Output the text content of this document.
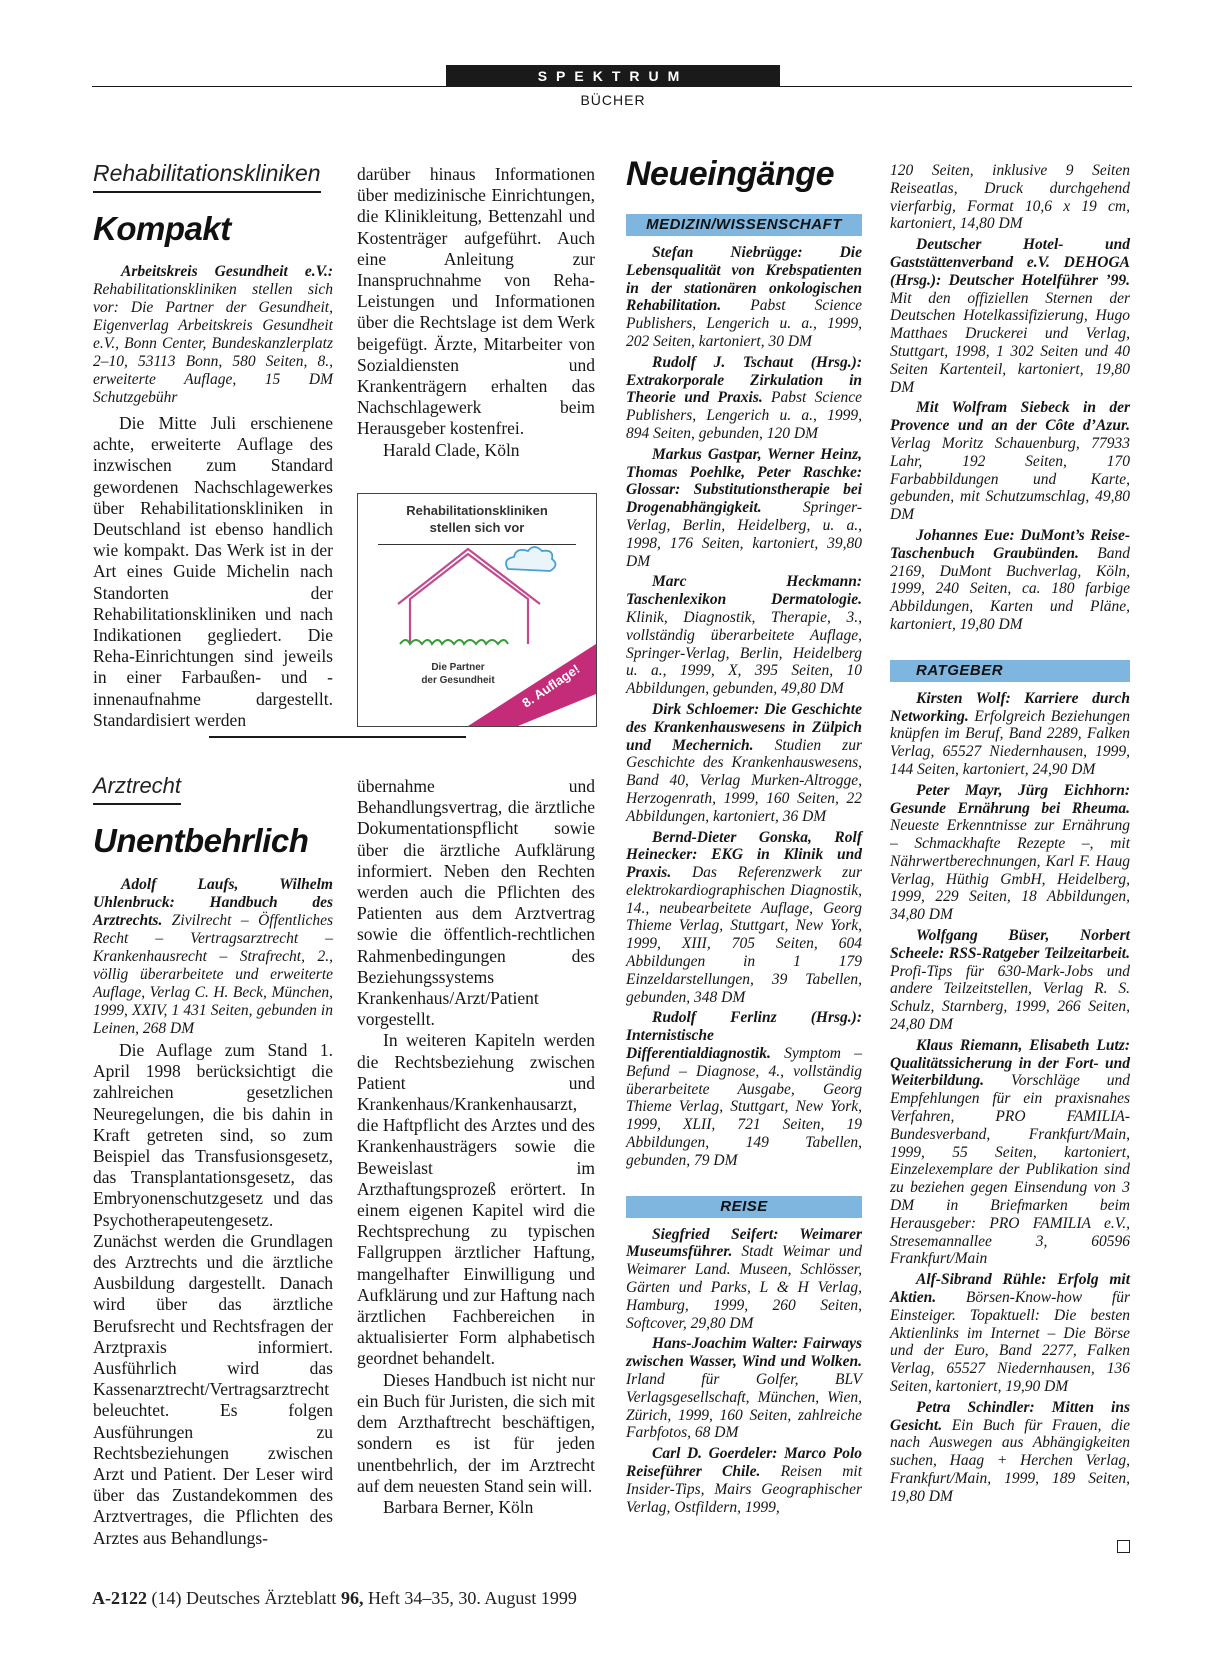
SPEKTRUM
BÜCHER
Rehabilitationskliniken
Kompakt

Arbeitskreis Gesundheit e.V.: Rehabilitationskliniken stellen sich vor: Die Partner der Gesundheit, Eigenverlag Arbeitskreis Gesundheit e.V., Bonn Center, Bundeskanzlerplatz 2–10, 53113 Bonn, 580 Seiten, 8., erweiterte Auflage, 15 DM Schutzgebühr

Die Mitte Juli erschienene achte, erweiterte Auflage des inzwischen zum Standard gewordenen Nachschlagewerkes über Rehabilitationskliniken in Deutschland ist ebenso handlich wie kompakt. Das Werk ist in der Art eines Guide Michelin nach Standorten der Rehabilitationskliniken und nach Indikationen gegliedert. Die Reha-Einrichtungen sind jeweils in einer Farbaußen- und -innenaufnahme dargestellt. Standardisiert werden

darüber hinaus Informationen über medizinische Einrichtungen, die Klinikleitung, Bettenzahl und Kostenträger aufgeführt. Auch eine Anleitung zur Inanspruchnahme von Reha-Leistungen und Informationen über die Rechtslage ist dem Werk beigefügt. Ärzte, Mitarbeiter von Sozialdiensten und Krankenträgern erhalten das Nachschlagewerk beim Herausgeber kostenfrei.

Harald Clade, Köln

Rehabilitationskliniken
stellen sich vor
8. Auflage!
Die Partner
der Gesundheit
Arztrecht
Unentbehrlich

Adolf Laufs, Wilhelm Uhlenbruck: Handbuch des Arztrechts. Zivilrecht – Öffentliches Recht – Vertragsarztrecht – Krankenhausrecht – Strafrecht, 2., völlig überarbeitete und erweiterte Auflage, Verlag C. H. Beck, München, 1999, XXIV, 1 431 Seiten, gebunden in Leinen, 268 DM

Die Auflage zum Stand 1. April 1998 berücksichtigt die zahlreichen gesetzlichen Neuregelungen, die bis dahin in Kraft getreten sind, so zum Beispiel das Transfusionsgesetz, das Transplantationsgesetz, das Embryonenschutzgesetz und das Psychotherapeutengesetz. Zunächst werden die Grundlagen des Arztrechts und die ärztliche Ausbildung dargestellt. Danach wird über das ärztliche Berufsrecht und Rechtsfragen der Arztpraxis informiert. Ausführlich wird das Kassenarztrecht/Vertragsarztrecht beleuchtet. Es folgen Ausführungen zu Rechtsbeziehungen zwischen Arzt und Patient. Der Leser wird über das Zustandekommen des Arztvertrages, die Pflichten des Arztes aus Behandlungs-

übernahme und Behandlungsvertrag, die ärztliche Dokumentationspflicht sowie über die ärztliche Aufklärung informiert. Neben den Rechten werden auch die Pflichten des Patienten aus dem Arztvertrag sowie die öffentlich-rechtlichen Rahmenbedingungen des Beziehungssystems Krankenhaus/Arzt/Patient vorgestellt.

In weiteren Kapiteln werden die Rechtsbeziehung zwischen Patient und Krankenhaus/Krankenhausarzt, die Haftpflicht des Arztes und des Krankenhausträgers sowie die Beweislast im Arzthaftungsprozeß erörtert. In einem eigenen Kapitel wird die Rechtsprechung zu typischen Fallgruppen ärztlicher Haftung, mangelhafter Einwilligung und Aufklärung und zur Haftung nach ärztlichen Fachbereichen in aktualisierter Form alphabetisch geordnet behandelt.

Dieses Handbuch ist nicht nur ein Buch für Juristen, die sich mit dem Arzthaftrecht beschäftigen, sondern es ist für jeden unentbehrlich, der im Arztrecht auf dem neuesten Stand sein will.

Barbara Berner, Köln

Neueingänge
MEDIZIN/WISSENSCHAFT

Stefan Niebrügge: Die Lebensqualität von Krebspatienten in der stationären onkologischen Rehabilitation. Pabst Science Publishers, Lengerich u. a., 1999, 202 Seiten, kartoniert, 30 DM

Rudolf J. Tschaut (Hrsg.): Extrakorporale Zirkulation in Theorie und Praxis. Pabst Science Publishers, Lengerich u. a., 1999, 894 Seiten, gebunden, 120 DM

Markus Gastpar, Werner Heinz, Thomas Poehlke, Peter Raschke: Glossar: Substitutionstherapie bei Drogenabhängigkeit. Springer-Verlag, Berlin, Heidelberg, u. a., 1998, 176 Seiten, kartoniert, 39,80 DM

Marc Heckmann: Taschenlexikon Dermatologie. Klinik, Diagnostik, Therapie, 3., vollständig überarbeitete Auflage, Springer-Verlag, Berlin, Heidelberg u. a., 1999, X, 395 Seiten, 10 Abbildungen, gebunden, 49,80 DM

Dirk Schloemer: Die Geschichte des Krankenhauswesens in Zülpich und Mechernich. Studien zur Geschichte des Krankenhauswesens, Band 40, Verlag Murken-Altrogge, Herzogenrath, 1999, 160 Seiten, 22 Abbildungen, kartoniert, 36 DM

Bernd-Dieter Gonska, Rolf Heinecker: EKG in Klinik und Praxis. Das Referenzwerk zur elektrokardiographischen Diagnostik, 14., neubearbeitete Auflage, Georg Thieme Verlag, Stuttgart, New York, 1999, XIII, 705 Seiten, 604 Abbildungen in 1 179 Einzeldarstellungen, 39 Tabellen, gebunden, 348 DM

Rudolf Ferlinz (Hrsg.): Internistische Differentialdiagnostik. Symptom – Befund – Diagnose, 4., vollständig überarbeitete Ausgabe, Georg Thieme Verlag, Stuttgart, New York, 1999, XLII, 721 Seiten, 19 Abbildungen, 149 Tabellen, gebunden, 79 DM

REISE

Siegfried Seifert: Weimarer Museumsführer. Stadt Weimar und Weimarer Land. Museen, Schlösser, Gärten und Parks, L & H Verlag, Hamburg, 1999, 260 Seiten, Softcover, 29,80 DM

Hans-Joachim Walter: Fairways zwischen Wasser, Wind und Wolken. Irland für Golfer, BLV Verlagsgesellschaft, München, Wien, Zürich, 1999, 160 Seiten, zahlreiche Farbfotos, 68 DM

Carl D. Goerdeler: Marco Polo Reiseführer Chile. Reisen mit Insider-Tips, Mairs Geographischer Verlag, Ostfildern, 1999,

120 Seiten, inklusive 9 Seiten Reiseatlas, Druck durchgehend vierfarbig, Format 10,6 x 19 cm, kartoniert, 14,80 DM

Deutscher Hotel- und Gaststättenverband e.V. DEHOGA (Hrsg.): Deutscher Hotelführer ’99. Mit den offiziellen Sternen der Deutschen Hotelkassifizierung, Hugo Matthaes Druckerei und Verlag, Stuttgart, 1998, 1 302 Seiten und 40 Seiten Kartenteil, kartoniert, 19,80 DM

Mit Wolfram Siebeck in der Provence und an der Côte d’Azur. Verlag Moritz Schauenburg, 77933 Lahr, 192 Seiten, 170 Farbabbildungen und Karte, gebunden, mit Schutzumschlag, 49,80 DM

Johannes Eue: DuMont’s Reise-Taschenbuch Graubünden. Band 2169, DuMont Buchverlag, Köln, 1999, 240 Seiten, ca. 180 farbige Abbildungen, Karten und Pläne, kartoniert, 19,80 DM

RATGEBER

Kirsten Wolf: Karriere durch Networking. Erfolgreich Beziehungen knüpfen im Beruf, Band 2289, Falken Verlag, 65527 Niedernhausen, 1999, 144 Seiten, kartoniert, 24,90 DM

Peter Mayr, Jürg Eichhorn: Gesunde Ernährung bei Rheuma. Neueste Erkenntnisse zur Ernährung – Schmackhafte Rezepte –, mit Nährwertberechnungen, Karl F. Haug Verlag, Hüthig GmbH, Heidelberg, 1999, 229 Seiten, 18 Abbildungen, 34,80 DM

Wolfgang Büser, Norbert Scheele: RSS-Ratgeber Teilzeitarbeit. Profi-Tips für 630-Mark-Jobs und andere Teilzeitstellen, Verlag R. S. Schulz, Starnberg, 1999, 266 Seiten, 24,80 DM

Klaus Riemann, Elisabeth Lutz: Qualitätssicherung in der Fort- und Weiterbildung. Vorschläge und Empfehlungen für ein praxisnahes Verfahren, PRO FAMILIA-Bundesverband, Frankfurt/Main, 1999, 55 Seiten, kartoniert, Einzelexemplare der Publikation sind zu beziehen gegen Einsendung von 3 DM in Briefmarken beim Herausgeber: PRO FAMILIA e.V., Stresemannallee 3, 60596 Frankfurt/Main

Alf-Sibrand Rühle: Erfolg mit Aktien. Börsen-Know-how für Einsteiger. Topaktuell: Die besten Aktienlinks im Internet – Die Börse und der Euro, Band 2277, Falken Verlag, 65527 Niedernhausen, 136 Seiten, kartoniert, 19,90 DM

Petra Schindler: Mitten ins Gesicht. Ein Buch für Frauen, die nach Auswegen aus Abhängigkeiten suchen, Haag + Herchen Verlag, Frankfurt/Main, 1999, 189 Seiten, 19,80 DM

A-2122 (14) Deutsches Ärzteblatt 96, Heft 34–35, 30. August 1999
